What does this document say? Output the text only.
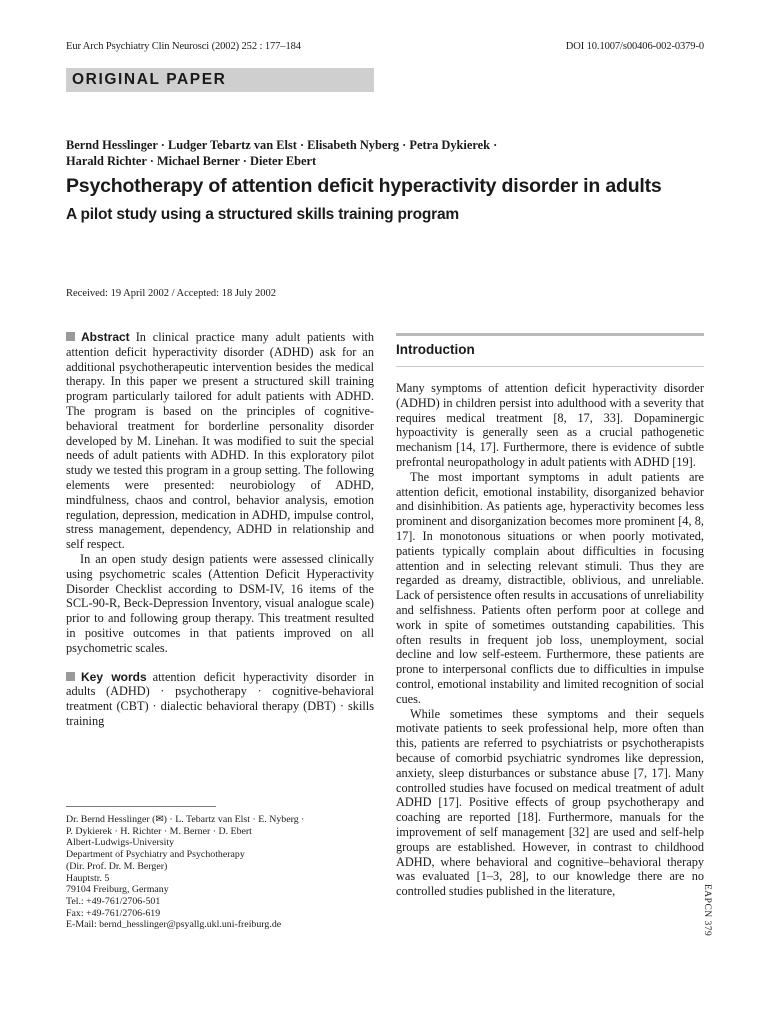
Eur Arch Psychiatry Clin Neurosci (2002) 252 : 177–184	DOI 10.1007/s00406-002-0379-0
ORIGINAL PAPER
Bernd Hesslinger · Ludger Tebartz van Elst · Elisabeth Nyberg · Petra Dykierek ·
Harald Richter · Michael Berner · Dieter Ebert
Psychotherapy of attention deficit hyperactivity disorder in adults
A pilot study using a structured skills training program
Received: 19 April 2002 / Accepted: 18 July 2002

Abstract In clinical practice many adult patients with attention deficit hyperactivity disorder (ADHD) ask for an additional psychotherapeutic intervention besides the medical therapy. In this paper we present a structured skill training program particularly tailored for adult patients with ADHD. The program is based on the principles of cognitive-behavioral treatment for borderline personality disorder developed by M. Linehan. It was modified to suit the special needs of adult patients with ADHD. In this exploratory pilot study we tested this program in a group setting. The following elements were presented: neurobiology of ADHD, mindfulness, chaos and control, behavior analysis, emotion regulation, depression, medication in ADHD, impulse control, stress management, dependency, ADHD in relationship and self respect.

In an open study design patients were assessed clinically using psychometric scales (Attention Deficit Hyperactivity Disorder Checklist according to DSM-IV, 16 items of the SCL-90-R, Beck-Depression Inventory, visual analogue scale) prior to and following group therapy. This treatment resulted in positive outcomes in that patients improved on all psychometric scales.

Key words attention deficit hyperactivity disorder in adults (ADHD) · psychotherapy · cognitive-behavioral treatment (CBT) · dialectic behavioral therapy (DBT) · skills training

Dr. Bernd Hesslinger (✉) · L. Tebartz van Elst · E. Nyberg ·
P. Dykierek · H. Richter · M. Berner · D. Ebert
Albert-Ludwigs-University
Department of Psychiatry and Psychotherapy
(Dir. Prof. Dr. M. Berger)
Hauptstr. 5
79104 Freiburg, Germany
Tel.: +49-761/2706-501
Fax: +49-761/2706-619
E-Mail: bernd_hesslinger@psyallg.ukl.uni-freiburg.de
Introduction

Many symptoms of attention deficit hyperactivity disorder (ADHD) in children persist into adulthood with a severity that requires medical treatment [8, 17, 33]. Dopaminergic hypoactivity is generally seen as a crucial pathogenetic mechanism [14, 17]. Furthermore, there is evidence of subtle prefrontal neuropathology in adult patients with ADHD [19].

The most important symptoms in adult patients are attention deficit, emotional instability, disorganized behavior and disinhibition. As patients age, hyperactivity becomes less prominent and disorganization becomes more prominent [4, 8, 17]. In monotonous situations or when poorly motivated, patients typically complain about difficulties in focusing attention and in selecting relevant stimuli. Thus they are regarded as dreamy, distractible, oblivious, and unreliable. Lack of persistence often results in accusations of unreliability and selfishness. Patients often perform poor at college and work in spite of sometimes outstanding capabilities. This often results in frequent job loss, unemployment, social decline and low self-esteem. Furthermore, these patients are prone to interpersonal conflicts due to difficulties in impulse control, emotional instability and limited recognition of social cues.

While sometimes these symptoms and their sequels motivate patients to seek professional help, more often than this, patients are referred to psychiatrists or psychotherapists because of comorbid psychiatric syndromes like depression, anxiety, sleep disturbances or substance abuse [7, 17]. Many controlled studies have focused on medical treatment of adult ADHD [17]. Positive effects of group psychotherapy and coaching are reported [18]. Furthermore, manuals for the improvement of self management [32] are used and self-help groups are established. However, in contrast to childhood ADHD, where behavioral and cognitive–behavioral therapy was evaluated [1–3, 28], to our knowledge there are no controlled studies published in the literature,	EAPCN 379
